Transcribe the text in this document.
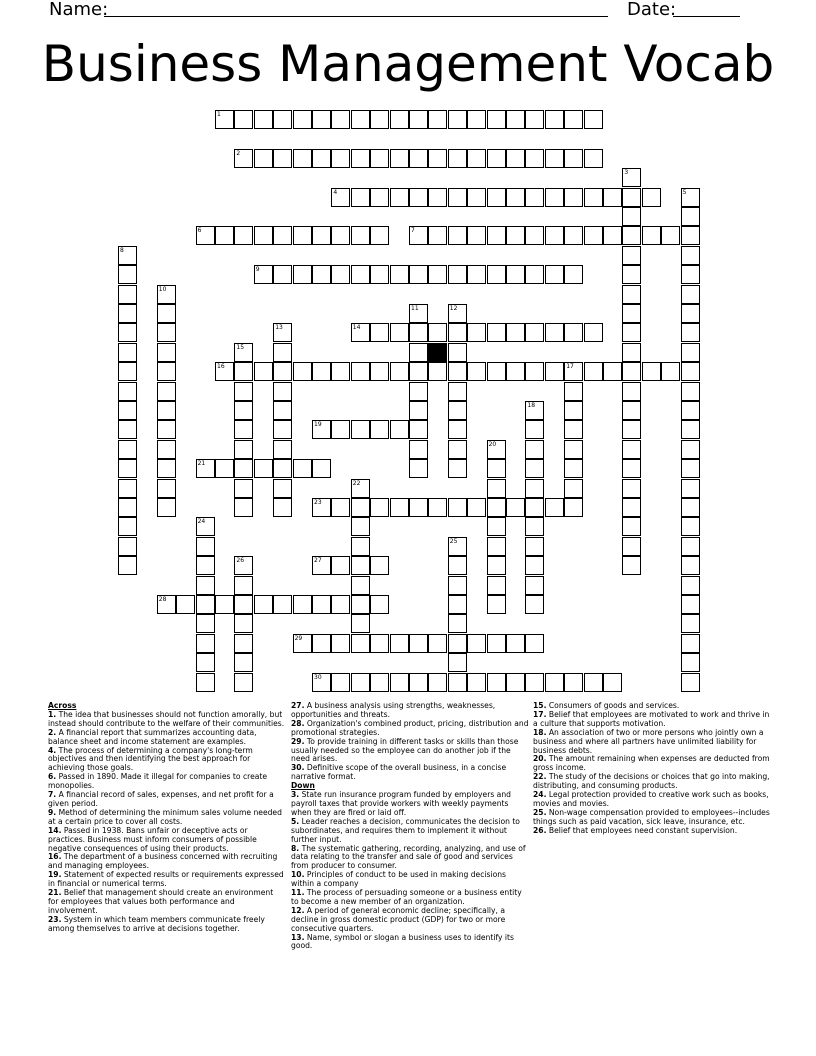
Name:	Date:
Business Management Vocab
1
2
3
4	5
6	7
8
9
10
11	12
13	14
15
16	17
18
19
20
21
22
23
24
25
26	27
28
29
30

Across

1. The idea that businesses should not function amorally, but instead should contribute to the welfare of their communities.

2. A financial report that summarizes accounting data, balance sheet and income statement are examples.

4. The process of determining a company's long-term objectives and then identifying the best approach for achieving those goals.

6. Passed in 1890. Made it illegal for companies to create monopolies.

7. A financial record of sales, expenses, and net profit for a given period.

9. Method of determining the minimum sales volume needed at a certain price to cover all costs.

14. Passed in 1938. Bans unfair or deceptive acts or practices. Business must inform consumers of possible negative consequences of using their products.

16. The department of a business concerned with recruiting and managing employees.

19. Statement of expected results or requirements expressed in financial or numerical terms.

21. Belief that management should create an environment for employees that values both performance and involvement.

23. System in which team members communicate freely among themselves to arrive at decisions together.

27. A business analysis using strengths, weaknesses, opportunities and threats.

28. Organization's combined product, pricing, distribution and promotional strategies.

29. To provide training in different tasks or skills than those usually needed so the employee can do another job if the need arises.

30. Definitive scope of the overall business, in a concise narrative format.

Down

3. State run insurance program funded by employers and payroll taxes that provide workers with weekly payments when they are fired or laid off.

5. Leader reaches a decision, communicates the decision to subordinates, and requires them to implement it without further input.

8. The systematic gathering, recording, analyzing, and use of data relating to the transfer and sale of good and services from producer to consumer.

10. Principles of conduct to be used in making decisions within a company

11. The process of persuading someone or a business entity to become a new member of an organization.

12. A period of general economic decline; specifically, a decline in gross domestic product (GDP) for two or more consecutive quarters.

13. Name, symbol or slogan a business uses to identify its good.

15. Consumers of goods and services.

17. Belief that employees are motivated to work and thrive in a culture that supports motivation.

18. An association of two or more persons who jointly own a business and where all partners have unlimited liability for business debts.

20. The amount remaining when expenses are deducted from gross income.

22. The study of the decisions or choices that go into making, distributing, and consuming products.

24. Legal protection provided to creative work such as books, movies and movies.

25. Non-wage compensation provided to employees--includes things such as paid vacation, sick leave, insurance, etc.

26. Belief that employees need constant supervision.
